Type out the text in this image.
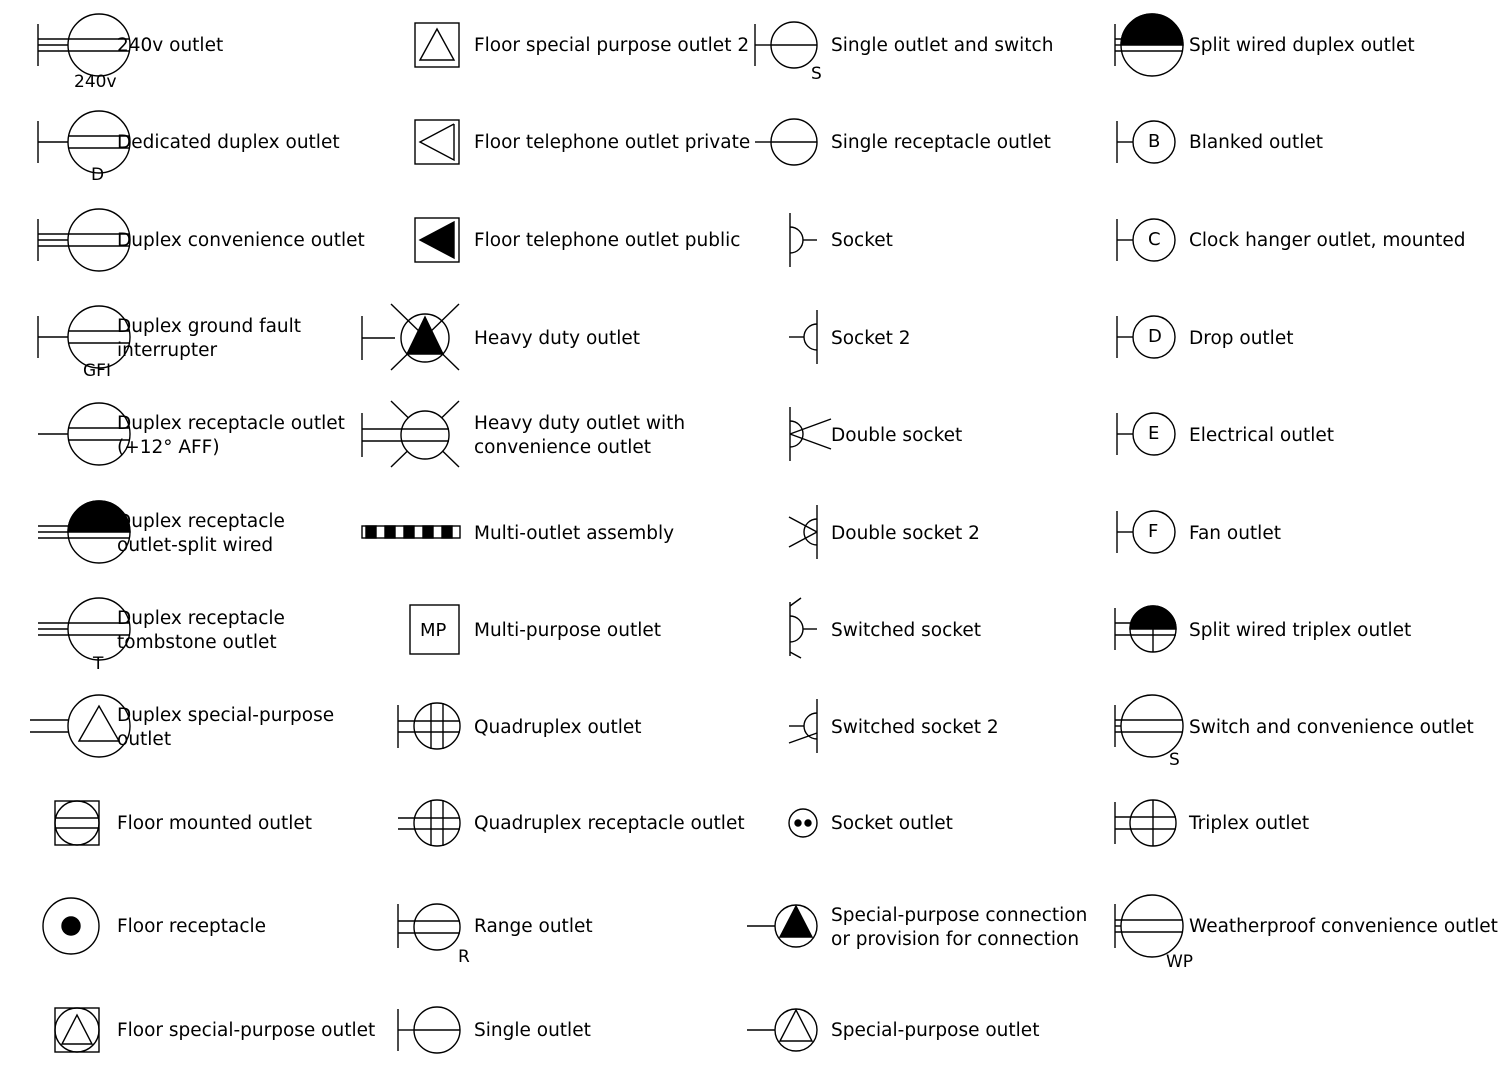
240v
240v outlet
D
Dedicated duplex outlet
Duplex convenience outlet
GFI
Duplex ground fault
interrupter
Duplex receptacle outlet
(+12° AFF)
Duplex receptacle
outlet-split wired
T
Duplex receptacle
tombstone outlet
Duplex special-purpose
outlet
Floor mounted outlet
Floor receptacle
Floor special-purpose outlet
Floor special purpose outlet 2
Floor telephone outlet private
Floor telephone outlet public
Heavy duty outlet
Heavy duty outlet with
convenience outlet
Multi-outlet assembly
MP Multi-purpose outlet
Quadruplex outlet
Quadruplex receptacle outlet
R
Range outlet
Single outlet
S
Single outlet and switch
Single receptacle outlet
Socket
Socket 2
Double socket
Double socket 2
Switched socket
Switched socket 2
Socket outlet
Special-purpose connection
or provision for connection
Special-purpose outlet
Split wired duplex outlet
B Blanked outlet
C Clock hanger outlet, mounted
D Drop outlet
E Electrical outlet
F Fan outlet
Split wired triplex outlet
S
Switch and convenience outlet
Triplex outlet
WP
Weatherproof convenience outlet
